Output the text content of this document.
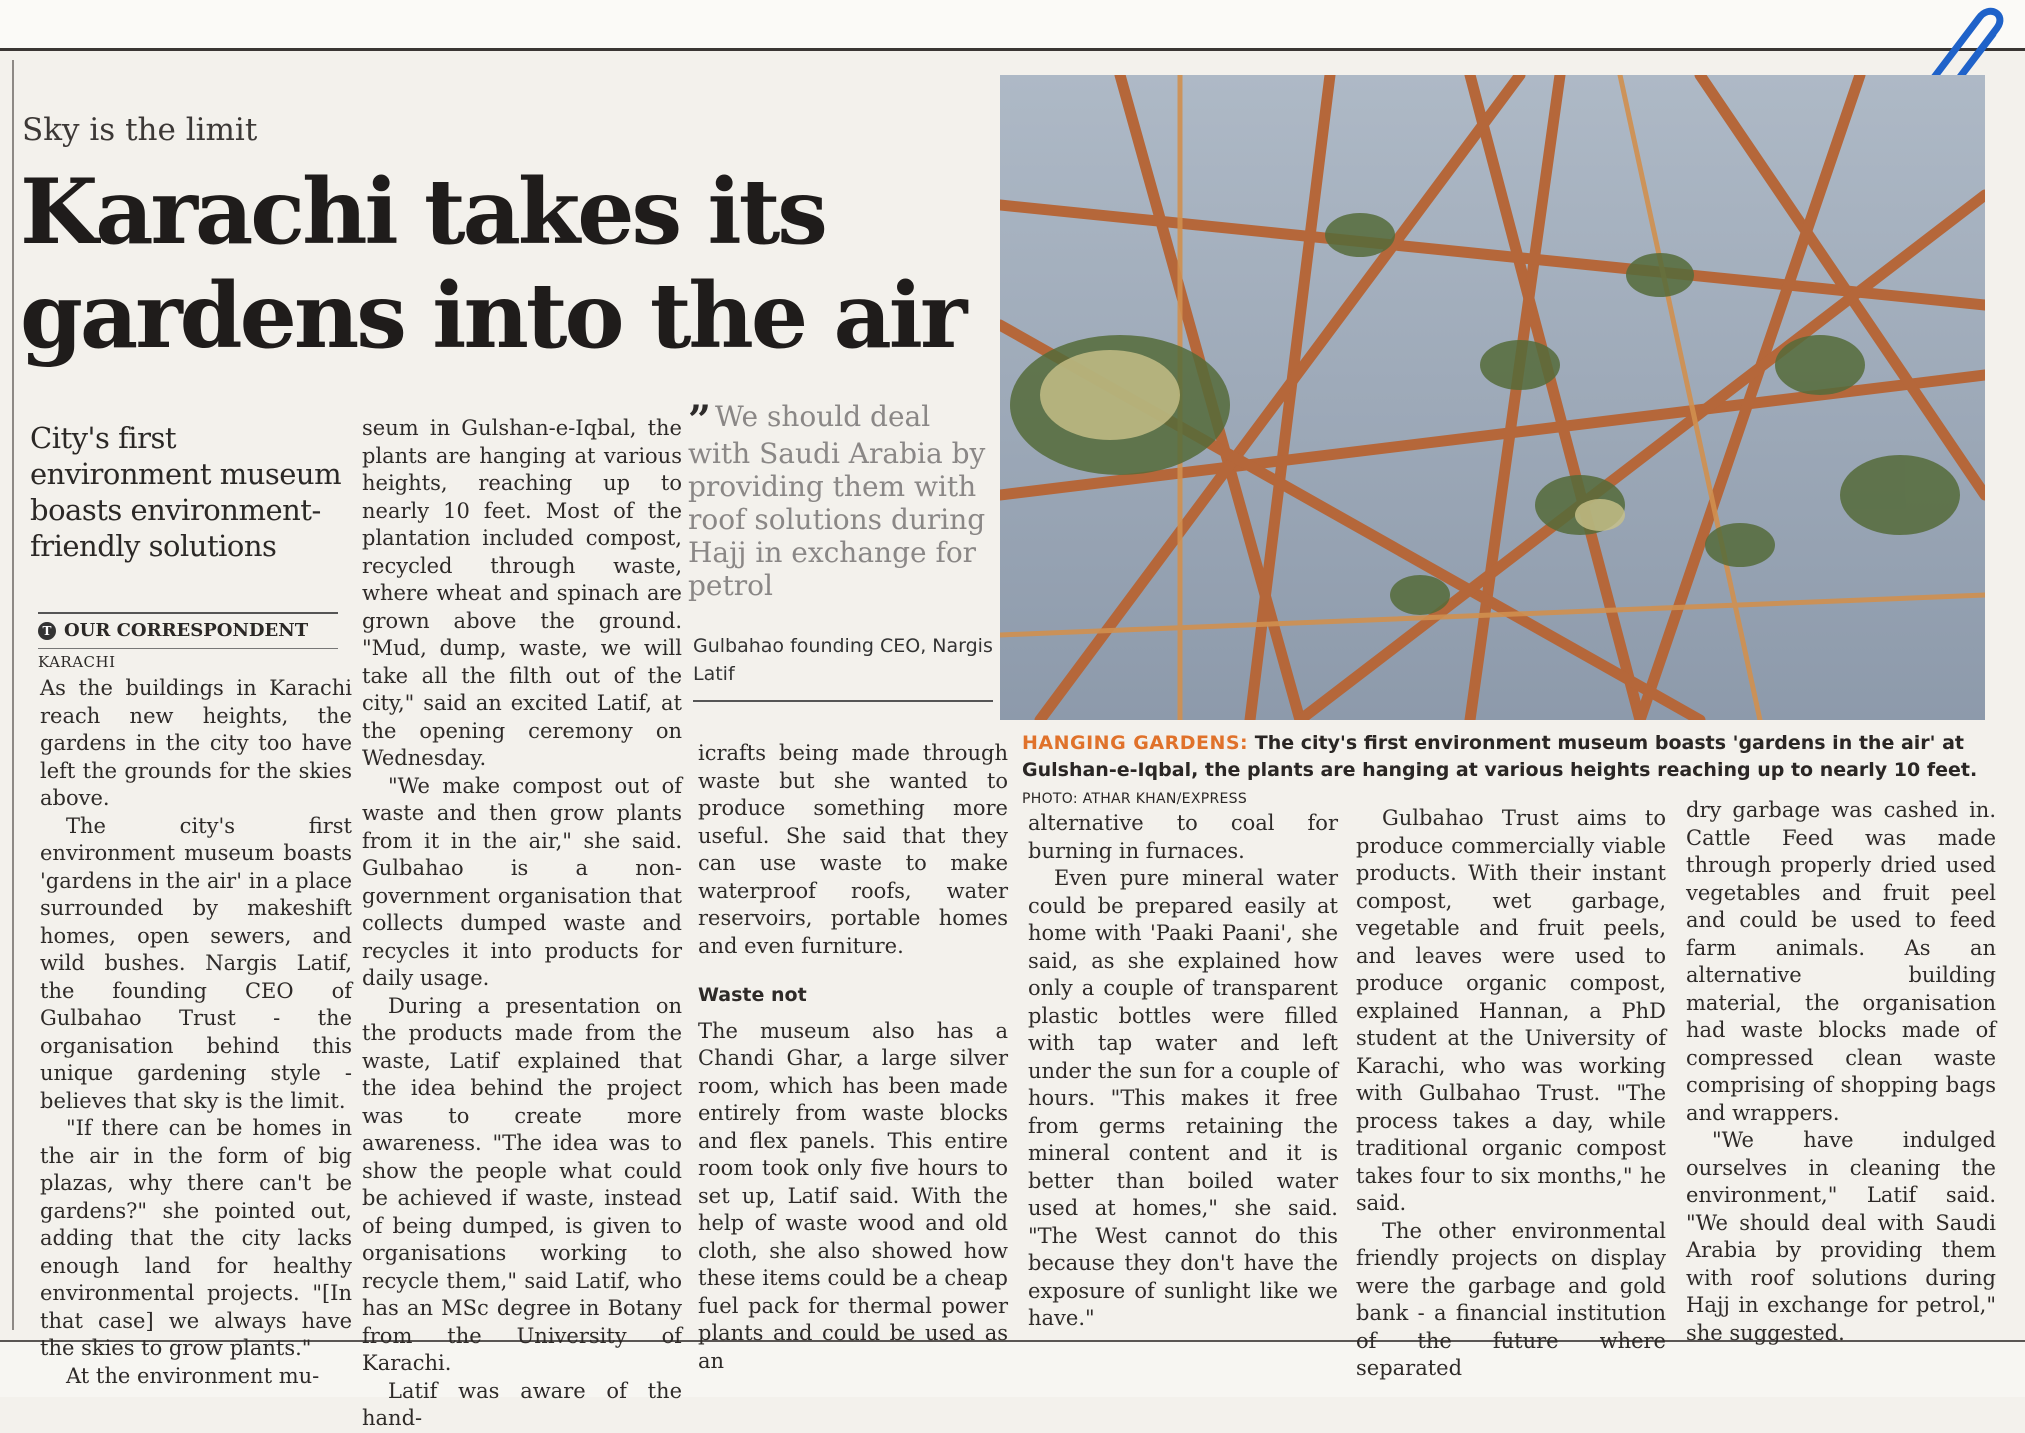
Sky is the limit
Karachi takes its gardens into the air
City's first environment museum boasts environment-friendly solutions
T OUR CORRESPONDENT
KARACHI

As the buildings in Karachi reach new heights, the gardens in the city too have left the grounds for the skies above.

The city's first environment museum boasts 'gardens in the air' in a place surrounded by makeshift homes, open sewers, and wild bushes. Nargis Latif, the founding CEO of Gulbahao Trust - the organisation behind this unique gardening style - believes that sky is the limit.

"If there can be homes in the air in the form of big plazas, why there can't be gardens?" she pointed out, adding that the city lacks enough land for healthy environmental projects. "[In that case] we always have the skies to grow plants."

At the environment mu-

seum in Gulshan-e-Iqbal, the plants are hanging at various heights, reaching up to nearly 10 feet. Most of the plantation included compost, recycled through waste, where wheat and spinach are grown above the ground. "Mud, dump, waste, we will take all the filth out of the city," said an excited Latif, at the opening ceremony on Wednesday.

"We make compost out of waste and then grow plants from it in the air," she said. Gulbahao is a non-government organisation that collects dumped waste and recycles it into products for daily usage.

During a presentation on the products made from the waste, Latif explained that the idea behind the project was to create more awareness. "The idea was to show the people what could be achieved if waste, instead of being dumped, is given to organisations working to recycle them," said Latif, who has an MSc degree in Botany from the University of Karachi.

Latif was aware of the hand-

” We should deal with Saudi Arabia by providing them with roof solutions during Hajj in exchange for petrol
Gulbahao founding CEO, Nargis Latif

icrafts being made through waste but she wanted to produce something more useful. She said that they can use waste to make waterproof roofs, water reservoirs, portable homes and even furniture.

Waste not

The museum also has a Chandi Ghar, a large silver room, which has been made entirely from waste blocks and flex panels. This entire room took only five hours to set up, Latif said. With the help of waste wood and old cloth, she also showed how these items could be a cheap fuel pack for thermal power plants and could be used as an

alternative to coal for burning in furnaces.

Even pure mineral water could be prepared easily at home with 'Paaki Paani', she said, as she explained how only a couple of transparent plastic bottles were filled with tap water and left under the sun for a couple of hours. "This makes it free from germs retaining the mineral content and it is better than boiled water used at homes," she said. "The West cannot do this because they don't have the exposure of sunlight like we have."

Gulbahao Trust aims to produce commercially viable products. With their instant compost, wet garbage, vegetable and fruit peels, and leaves were used to produce organic compost, explained Hannan, a PhD student at the University of Karachi, who was working with Gulbahao Trust. "The process takes a day, while traditional organic compost takes four to six months," he said.

The other environmental friendly projects on display were the garbage and gold bank - a financial institution of the future where separated

dry garbage was cashed in. Cattle Feed was made through properly dried used vegetables and fruit peel and could be used to feed farm animals. As an alternative building material, the organisation had waste blocks made of compressed clean waste comprising of shopping bags and wrappers.

"We have indulged ourselves in cleaning the environment," Latif said. "We should deal with Saudi Arabia by providing them with roof solutions during Hajj in exchange for petrol," she suggested.

HANGING GARDENS: The city's first environment museum boasts 'gardens in the air' at Gulshan-e-Iqbal, the plants are hanging at various heights reaching up to nearly 10 feet. PHOTO: ATHAR KHAN/EXPRESS
